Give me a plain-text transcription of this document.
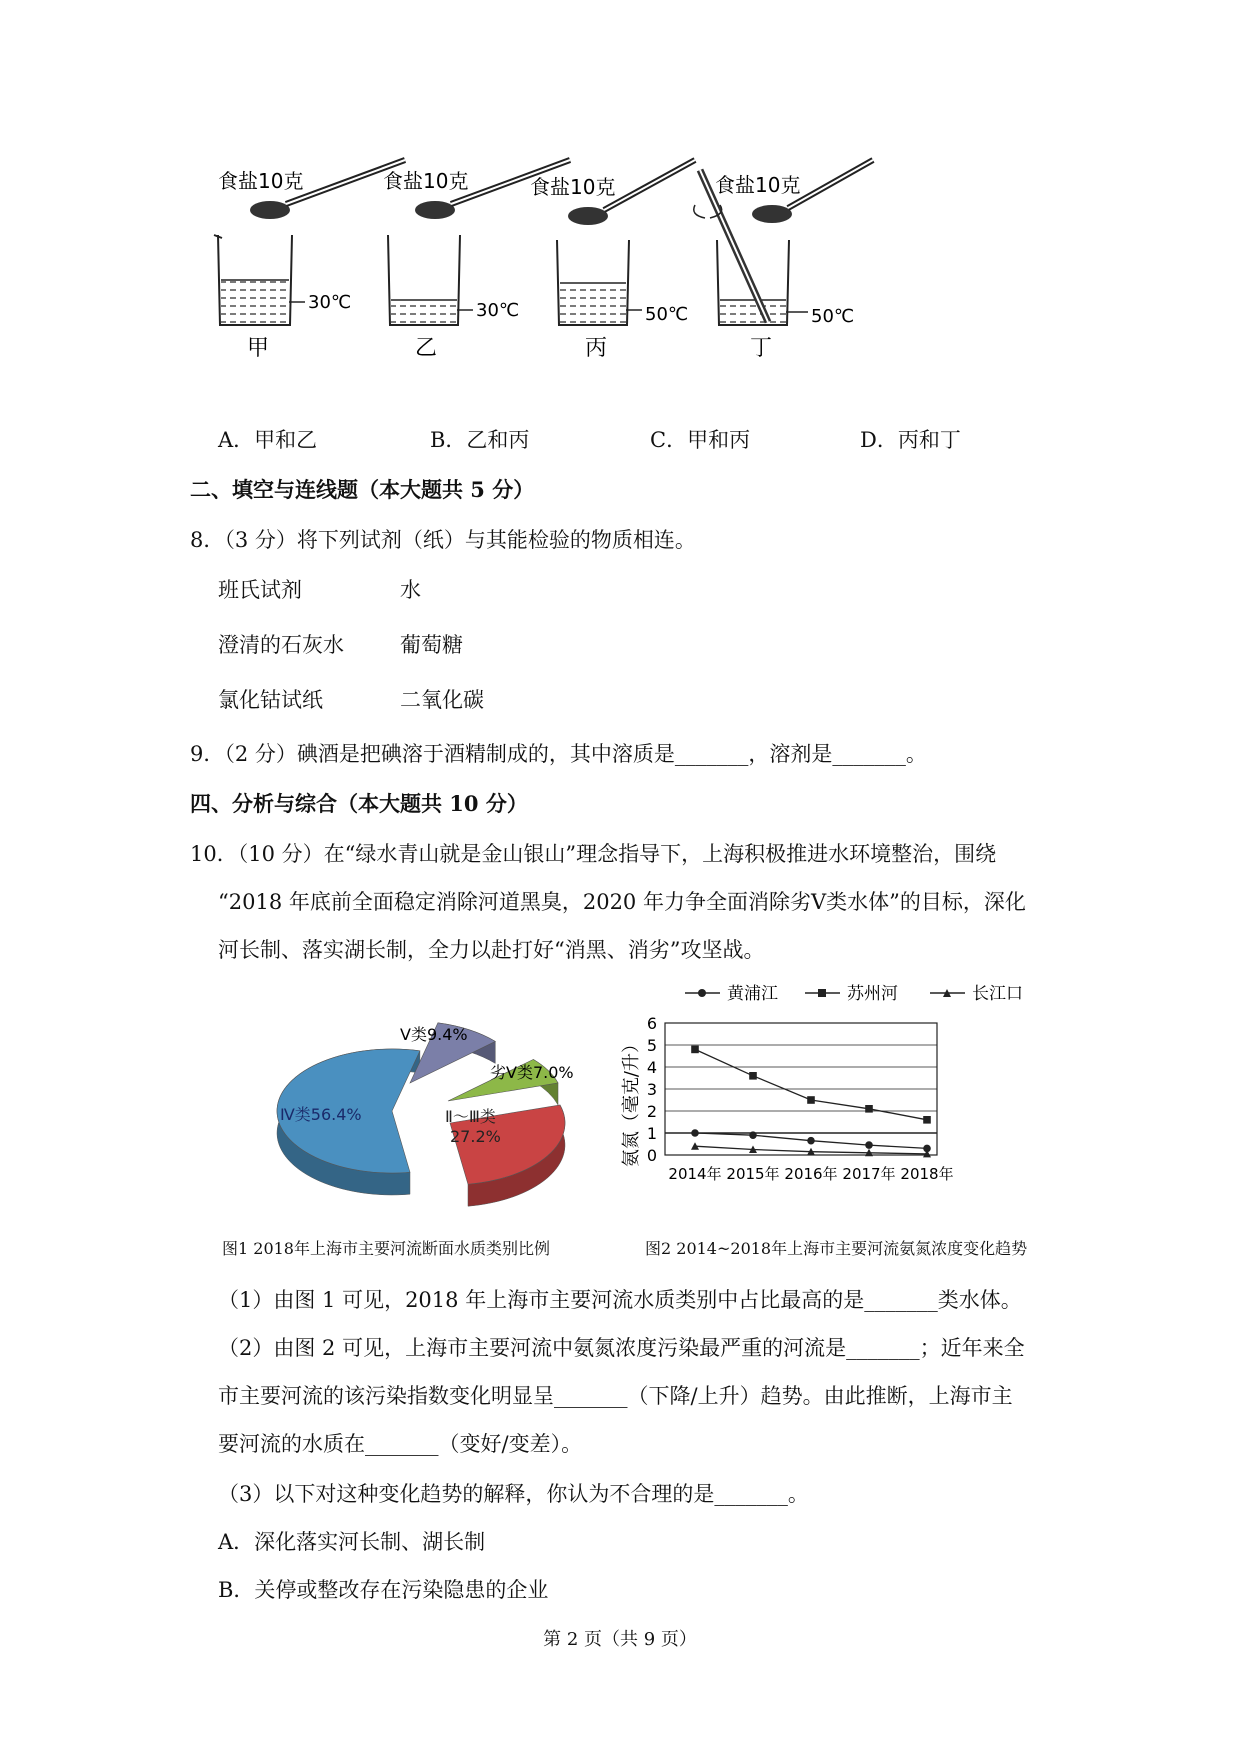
食盐10克
30℃
甲
食盐10克
30℃
乙
食盐10克
50℃
丙
食盐10克
50℃
丁
A．甲和乙	B．乙和丙	C．甲和丙	D．丙和丁
二、填空与连线题（本大题共 5 分）
8．（3 分）将下列试剂（纸）与其能检验的物质相连。
班氏试剂	水
澄清的石灰水	葡萄糖
氯化钴试纸	二氧化碳
9．（2 分）碘酒是把碘溶于酒精制成的，其中溶质是_______，溶剂是_______。
四、分析与综合（本大题共 10 分）
10．（10 分）在“绿水青山就是金山银山”理念指导下，上海积极推进水环境整治，围绕
“2018 年底前全面稳定消除河道黑臭，2020 年力争全面消除劣Ⅴ类水体”的目标，深化
河长制、落实湖长制，全力以赴打好“消黑、消劣”攻坚战。
Ⅴ类9.4%
劣Ⅴ类7.0%
Ⅳ类56.4%	Ⅱ～Ⅲ类
27.2%
黄浦江	苏州河	长江口
氨氮（毫克/升） 0
1
2
3
4
5
6
2014年 2015年 2016年 2017年 2018年
图1 2018年上海市主要河流断面水质类别比例	图2 2014~2018年上海市主要河流氨氮浓度变化趋势
（1）由图 1 可见，2018 年上海市主要河流水质类别中占比最高的是_______类水体。
（2）由图 2 可见，上海市主要河流中氨氮浓度污染最严重的河流是_______；近年来全
市主要河流的该污染指数变化明显呈_______（下降/上升）趋势。由此推断，上海市主
要河流的水质在_______（变好/变差）。
（3）以下对这种变化趋势的解释，你认为不合理的是_______。
A．深化落实河长制、湖长制
B．关停或整改存在污染隐患的企业
第 2 页（共 9 页）
